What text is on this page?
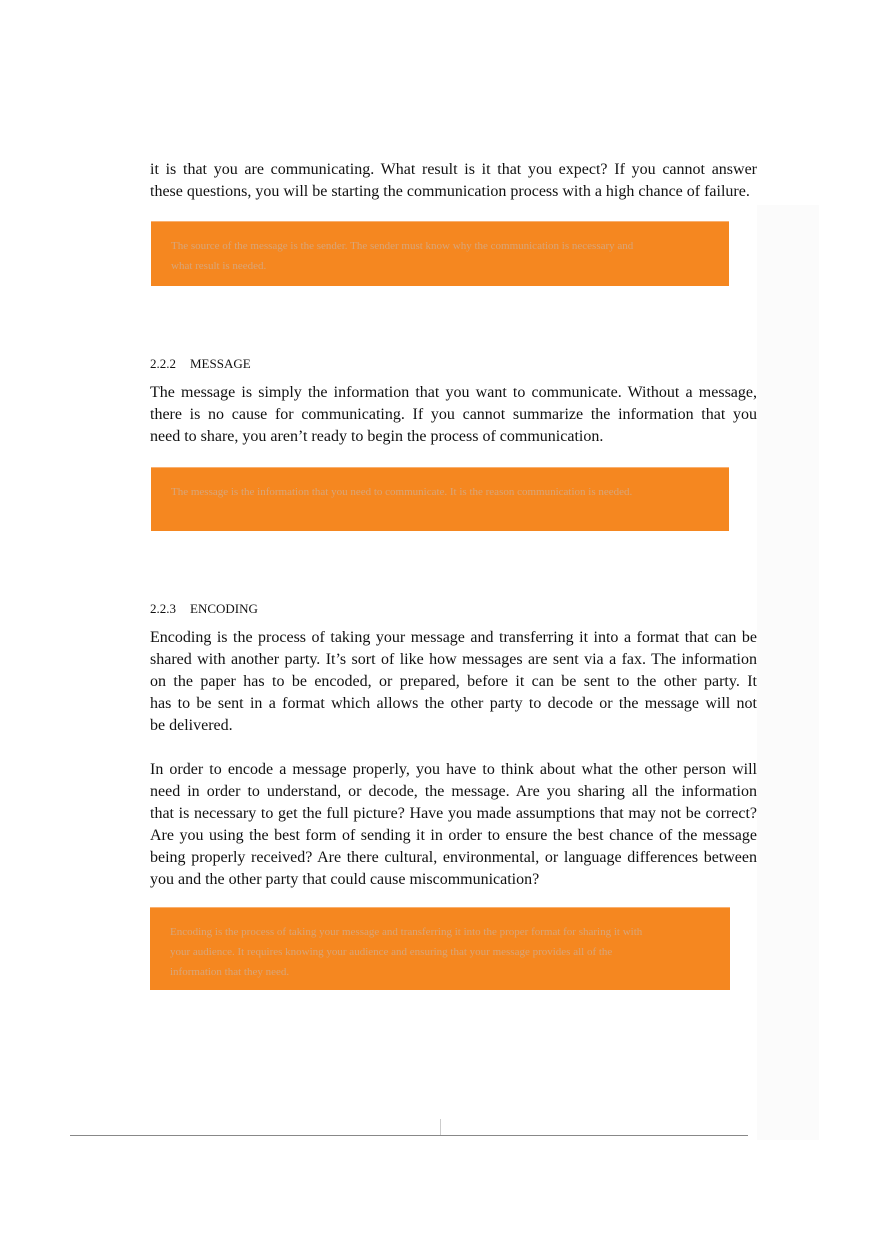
it is that you are communicating. What result is it that you expect? If you cannot answer
these questions, you will be starting the communication process with a high chance of failure.

The source of the message is the sender. The sender must know why the communication is necessary and what result is needed.

2.2.2 MESSAGE

The message is simply the information that you want to communicate. Without a message,
there is no cause for communicating. If you cannot summarize the information that you
need to share, you aren’t ready to begin the process of communication.

The message is the information that you need to communicate. It is the reason communication is needed.

2.2.3 ENCODING

Encoding is the process of taking your message and transferring it into a format that can be
shared with another party. It’s sort of like how messages are sent via a fax. The information
on the paper has to be encoded, or prepared, before it can be sent to the other party. It
has to be sent in a format which allows the other party to decode or the message will not
be delivered.

In order to encode a message properly, you have to think about what the other person will
need in order to understand, or decode, the message. Are you sharing all the information
that is necessary to get the full picture? Have you made assumptions that may not be correct?
Are you using the best form of sending it in order to ensure the best chance of the message
being properly received? Are there cultural, environmental, or language differences between
you and the other party that could cause miscommunication?

Encoding is the process of taking your message and transferring it into the proper format for sharing it with your audience. It requires knowing your audience and ensuring that your message provides all of the information that they need.
